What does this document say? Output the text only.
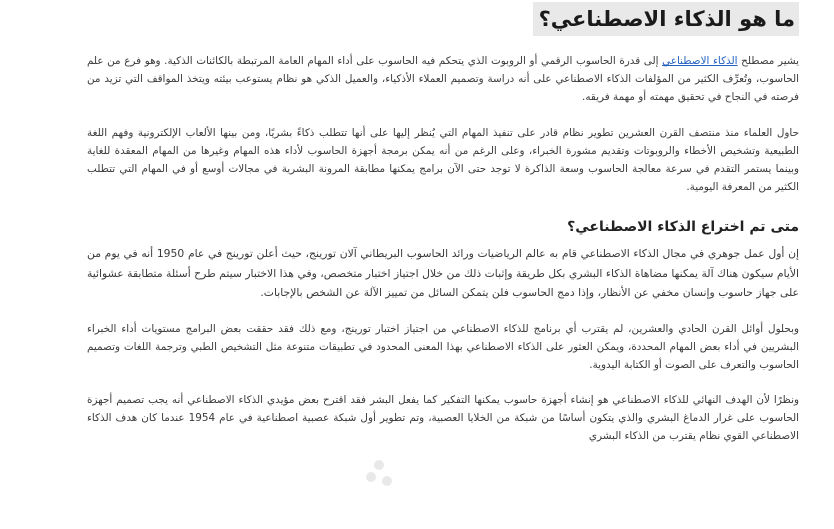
ما هو الذكاء الاصطناعي؟

يشير مصطلح الذكاء الاصطناعي إلى قدرة الحاسوب الرقمي أو الروبوت الذي يتحكم فيه الحاسوب على أداء المهام العامة المرتبطة بالكائنات الذكية. وهو فرع من علم الحاسوب، وتُعرِّف الكثير من المؤلفات الذكاء الاصطناعي على أنه دراسة وتصميم العملاء الأذكياء، والعميل الذكي هو نظام يستوعب بيئته ويتخذ المواقف التي تزيد من فرصته في النجاح في تحقيق مهمته أو مهمة فريقه.

حاول العلماء منذ منتصف القرن العشرين تطوير نظام قادر على تنفيذ المهام التي يُنظر إليها على أنها تتطلب ذكاءً بشريًا، ومن بينها الألعاب الإلكترونية وفهم اللغة الطبيعية وتشخيص الأخطاء والروبوتات وتقديم مشورة الخبراء، وعلى الرغم من أنه يمكن برمجة أجهزة الحاسوب لأداء هذه المهام وغيرها من المهام المعقدة للغاية وبينما يستمر التقدم في سرعة معالجة الحاسوب وسعة الذاكرة لا توجد حتى الآن برامج يمكنها مطابقة المرونة البشرية في مجالات أوسع أو في المهام التي تتطلب الكثير من المعرفة اليومية.

متى تم اختراع الذكاء الاصطناعي؟

إن أول عمل جوهري في مجال الذكاء الاصطناعي قام به عالم الرياضيات ورائد الحاسوب البريطاني آلان تورينج، حيث أعلن تورينج في عام 1950 أنه في يوم من الأيام سيكون هناك آلة يمكنها مضاهاة الذكاء البشري بكل طريقة وإثبات ذلك من خلال اجتياز اختبار متخصص، وفي هذا الاختبار سيتم طرح أسئلة متطابقة عشوائية على جهاز حاسوب وإنسان مخفي عن الأنظار، وإذا دمج الحاسوب فلن يتمكن السائل من تمييز الآلة عن الشخص بالإجابات.

وبحلول أوائل القرن الحادي والعشرين، لم يقترب أي برنامج للذكاء الاصطناعي من اجتياز اختبار تورينج، ومع ذلك فقد حققت بعض البرامج مستويات أداء الخبراء البشريين في أداء بعض المهام المحددة، ويمكن العثور على الذكاء الاصطناعي بهذا المعنى المحدود في تطبيقات متنوعة مثل التشخيص الطبي وترجمة اللغات وتصميم الحاسوب والتعرف على الصوت أو الكتابة اليدوية.

ونظرًا لأن الهدف النهائي للذكاء الاصطناعي هو إنشاء أجهزة حاسوب يمكنها التفكير كما يفعل البشر فقد اقترح بعض مؤيدي الذكاء الاصطناعي أنه يجب تصميم أجهزة الحاسوب على غرار الدماغ البشري والذي يتكون أساسًا من شبكة من الخلايا العصبية، وتم تطوير أول شبكة عصبية اصطناعية في عام 1954 عندما كان هدف الذكاء الاصطناعي القوي نظام يقترب من الذكاء البشري
